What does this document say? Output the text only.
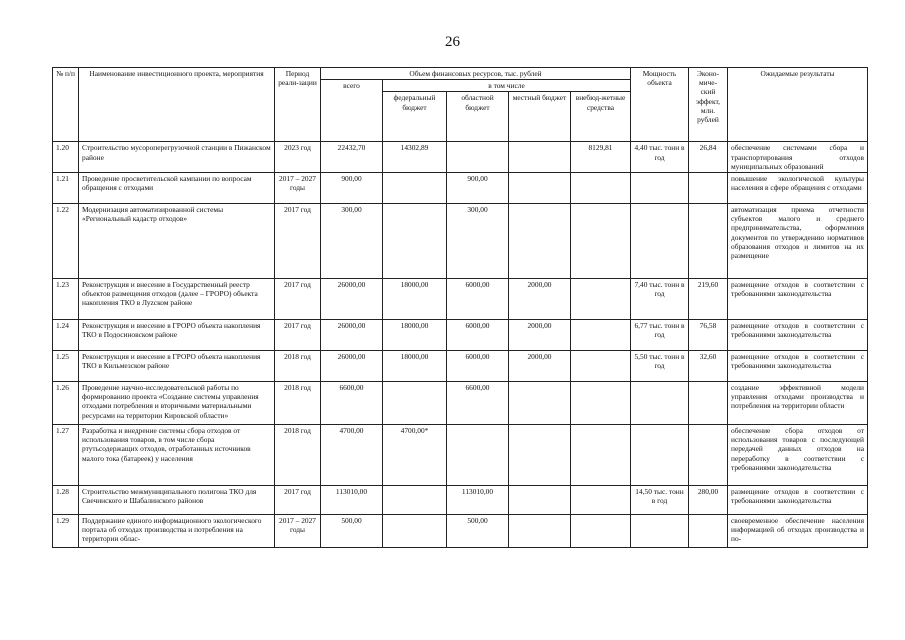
26
№ п/п	Наименование инвестиционного проекта, мероприятия	Период реали-зации	Объем финансовых ресурсов, тыс. рублей					Мощность объекта	Эконо-миче-ский эффект, млн. рублей	Ожидаемые результаты
			всего	в том числе						
				федеральный бюджет	областной бюджет	местный бюджет	внебюд-жетные средства			
1.20	Строительство мусороперегрузочной станции в Пижанском районе	2023 год	22432,70	14302,89			8129,81	4,40 тыс. тонн в год	26,84	обеспечение системами сбора и транспортирования отходов муниципальных образований
1.21	Проведение просветительской кампании по вопросам обращения с отходами	2017 – 2027 годы	900,00		900,00					повышение экологической культуры населения в сфере обращения с отходами
1.22	Модернизация автоматизированной системы «Региональный кадастр отходов»	2017 год	300,00		300,00					автоматизация приема отчетности субъектов малого и среднего предпринимательства, оформления документов по утверждению нормативов образования отходов и лимитов на их размещение
1.23	Реконструкция и внесение в Государственный реестр объектов размещения отходов (далее – ГРОРО) объекта накопления ТКО в Луzском районе	2017 год	26000,00	18000,00	6000,00	2000,00		7,40 тыс. тонн в год	219,60	размещение отходов в соответствии с требованиями законодательства
1.24	Реконструкция и внесение в ГРОРО объекта накопления ТКО в Подосиновском районе	2017 год	26000,00	18000,00	6000,00	2000,00		6,77 тыс. тонн в год	76,58	размещение отходов в соответствии с требованиями законодательства
1.25	Реконструкция и внесение в ГРОРО объекта накопления ТКО в Кильмезском районе	2018 год	26000,00	18000,00	6000,00	2000,00		5,50 тыс. тонн в год	32,60	размещение отходов в соответствии с требованиями законодательства
1.26	Проведение научно-исследовательской работы по формированию проекта «Создание системы управления отходами потребления и вторичными материальными ресурсами на территории Кировской области»	2018 год	6600,00		6600,00					создание эффективной модели управления отходами производства и потребления на территории области
1.27	Разработка и внедрение системы сбора отходов от использования товаров, в том числе сбора ртутьсодержащих отходов, отработанных источников малого тока (батареек) у населения	2018 год	4700,00	4700,00*						обеспечение сбора отходов от использования товаров с последующей передачей данных отходов на переработку в соответствии с требованиями законодательства
1.28	Строительство межмуниципального полигона ТКО для Свечинского и Шабалинского районов	2017 год	113010,00		113010,00			14,50 тыс. тонн в год	280,00	размещение отходов в соответствии с требованиями законодательства
1.29	Поддержание единого информационного экологического портала об отходах производства и потребления на территории облас-	2017 – 2027 годы	500,00		500,00					своевременное обеспечение населения информацией об отходах производства и по-
